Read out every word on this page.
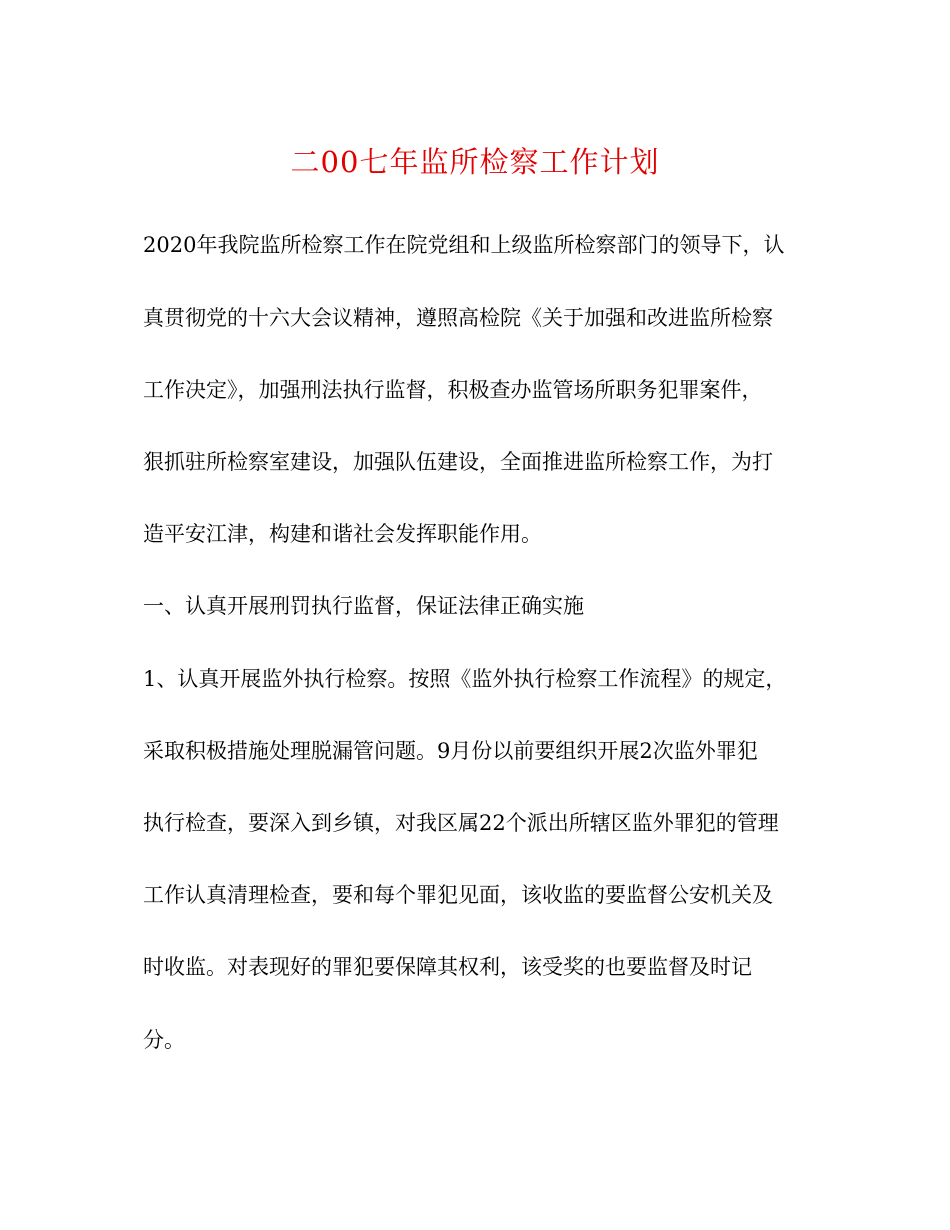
二00七年监所检察工作计划

2020年我院监所检察工作在院党组和上级监所检察部门的领导下，认

真贯彻党的十六大会议精神，遵照高检院《关于加强和改进监所检察

工作决定》，加强刑法执行监督，积极查办监管场所职务犯罪案件，

狠抓驻所检察室建设，加强队伍建设，全面推进监所检察工作，为打

造平安江津，构建和谐社会发挥职能作用。

一、认真开展刑罚执行监督，保证法律正确实施

1、认真开展监外执行检察。按照《监外执行检察工作流程》的规定，

采取积极措施处理脱漏管问题。9月份以前要组织开展2次监外罪犯

执行检查，要深入到乡镇，对我区属22个派出所辖区监外罪犯的管理

工作认真清理检查，要和每个罪犯见面，该收监的要监督公安机关及

时收监。对表现好的罪犯要保障其权利，该受奖的也要监督及时记

分。
